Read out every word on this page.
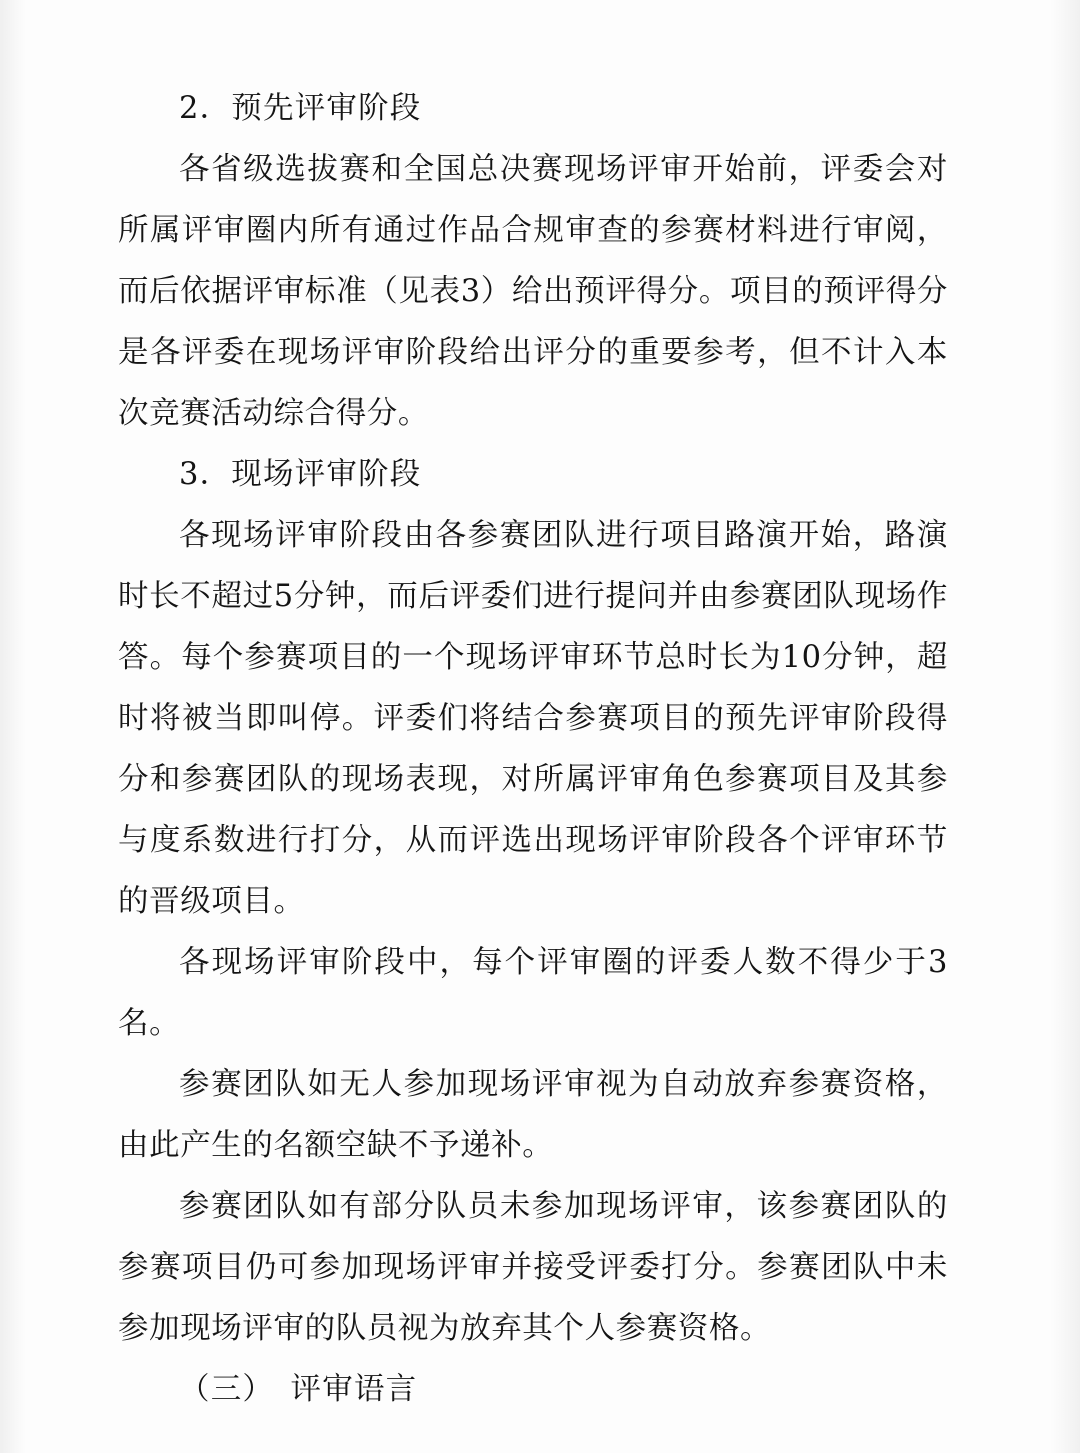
2．预先评审阶段

各省级选拔赛和全国总决赛现场评审开始前，评委会对所属评审圈内所有通过作品合规审查的参赛材料进行审阅，而后依据评审标准（见表3）给出预评得分。项目的预评得分是各评委在现场评审阶段给出评分的重要参考，但不计入本次竞赛活动综合得分。

3．现场评审阶段

各现场评审阶段由各参赛团队进行项目路演开始，路演时长不超过5分钟，而后评委们进行提问并由参赛团队现场作答。每个参赛项目的一个现场评审环节总时长为10分钟，超时将被当即叫停。评委们将结合参赛项目的预先评审阶段得分和参赛团队的现场表现，对所属评审角色参赛项目及其参与度系数进行打分，从而评选出现场评审阶段各个评审环节的晋级项目。

各现场评审阶段中，每个评审圈的评委人数不得少于3名。

参赛团队如无人参加现场评审视为自动放弃参赛资格，由此产生的名额空缺不予递补。

参赛团队如有部分队员未参加现场评审，该参赛团队的参赛项目仍可参加现场评审并接受评委打分。参赛团队中未参加现场评审的队员视为放弃其个人参赛资格。

（三）　评审语言
